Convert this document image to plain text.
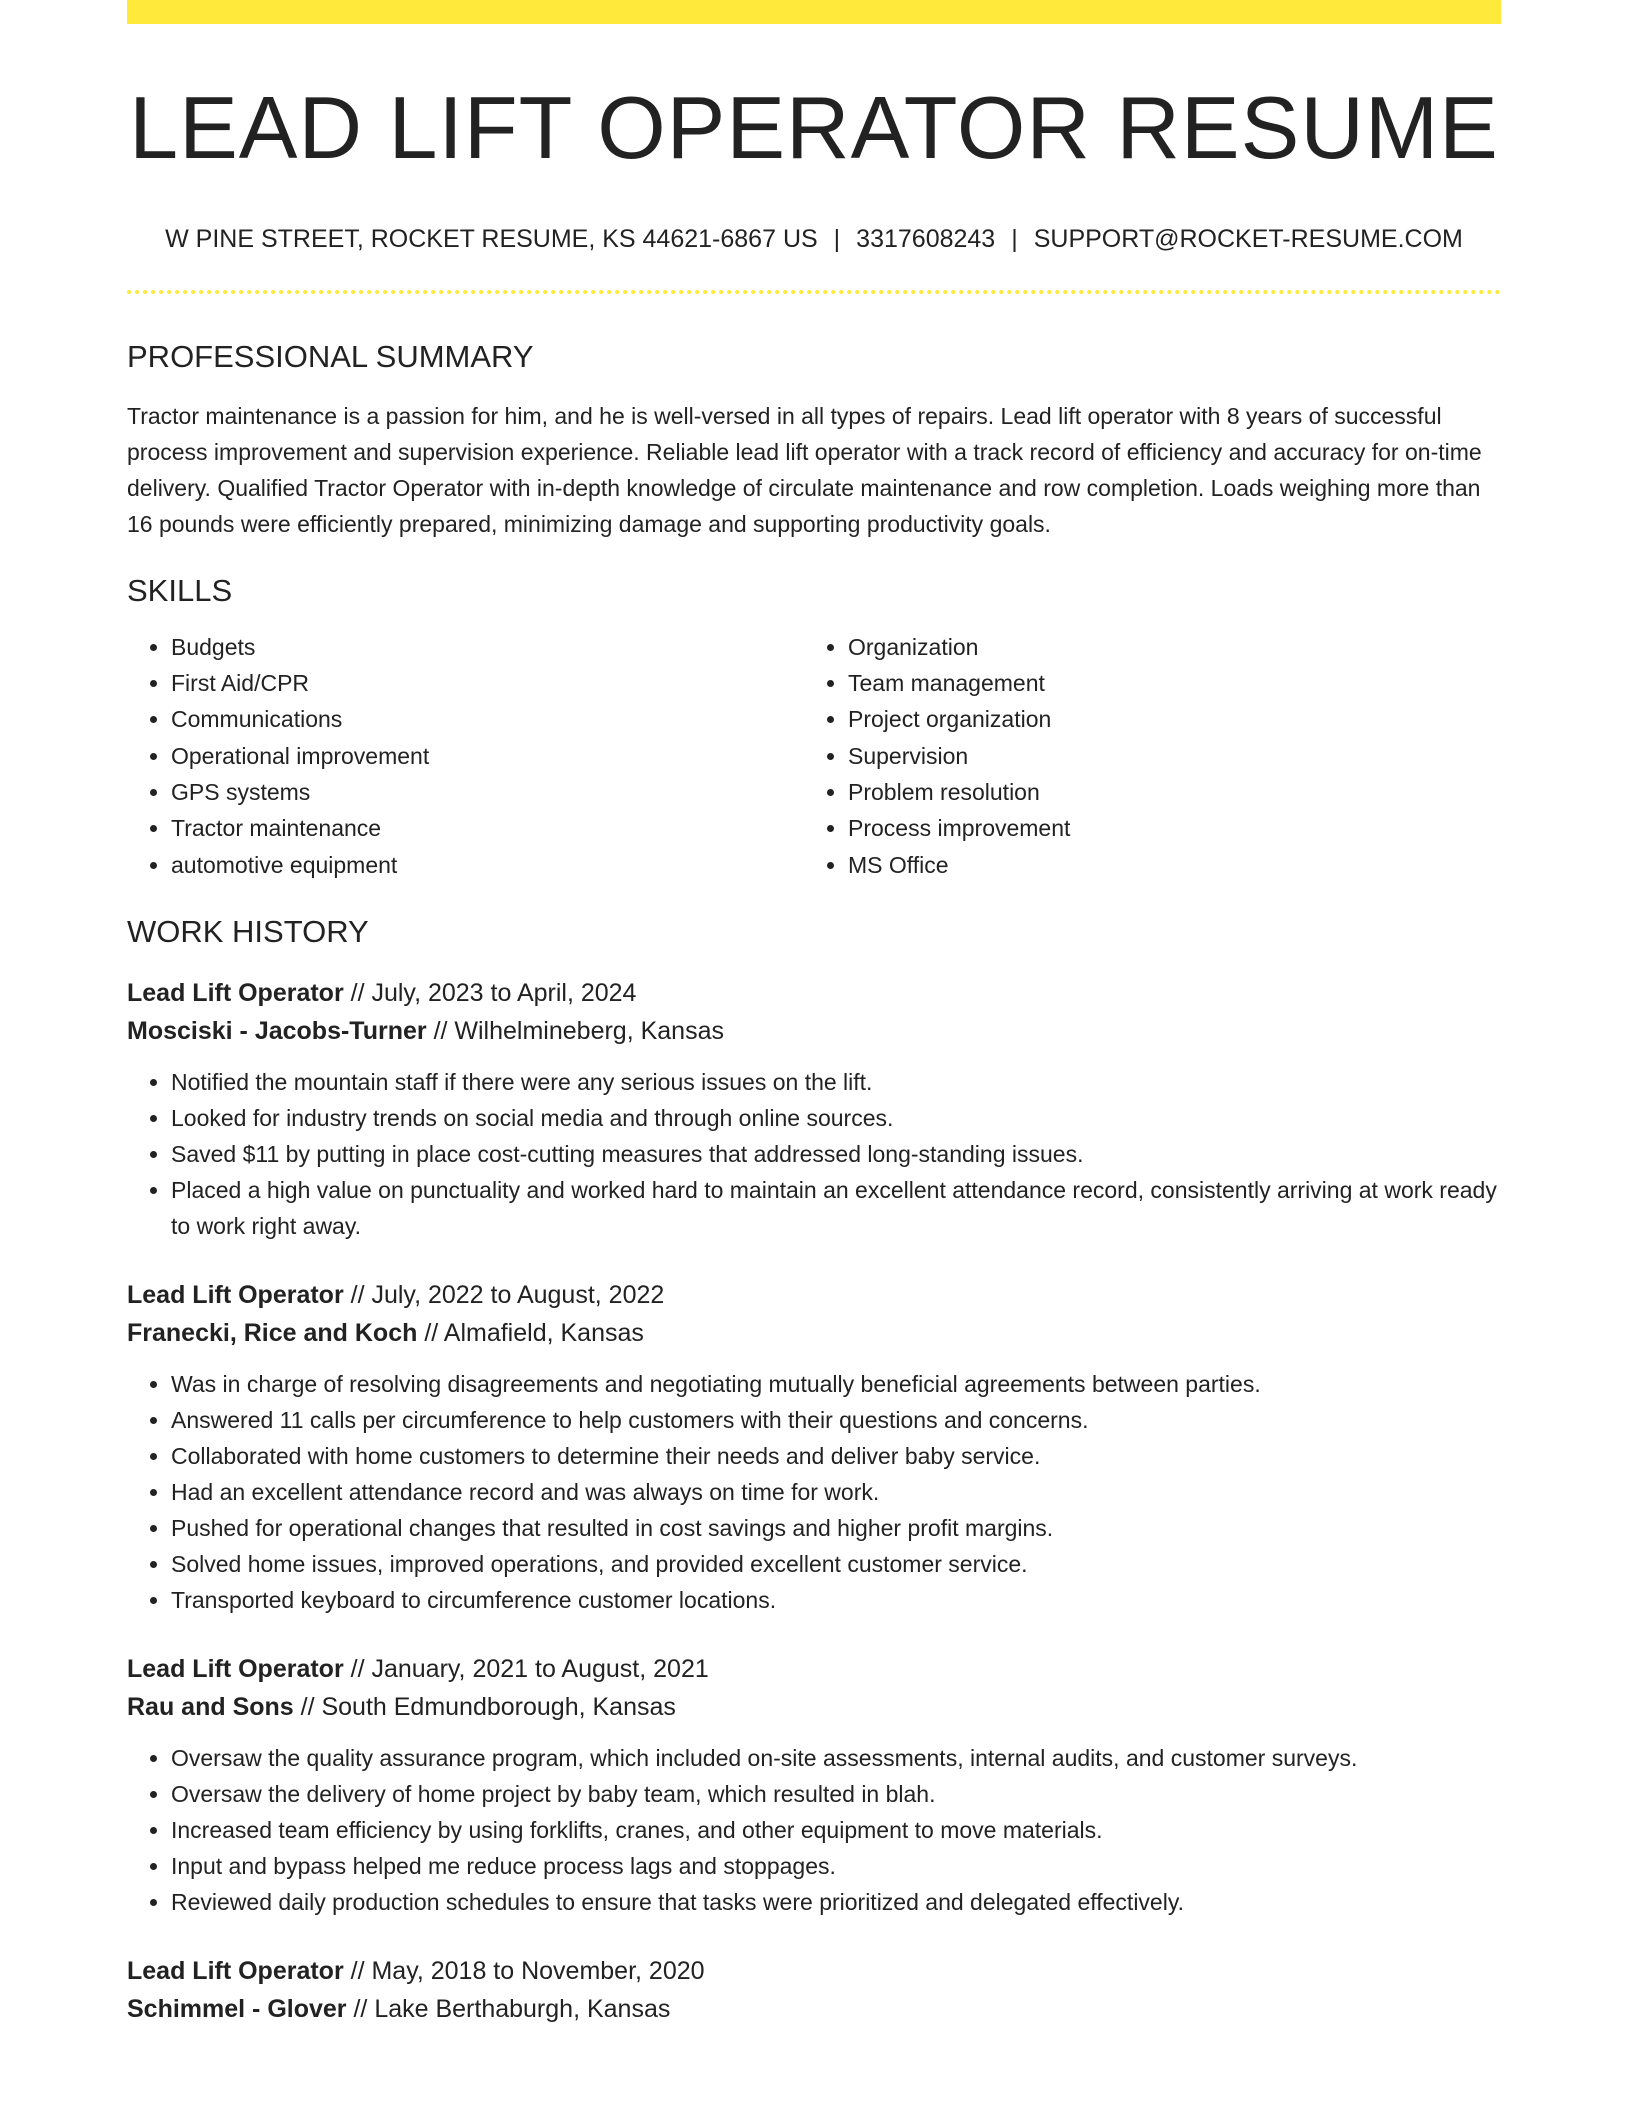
LEAD LIFT OPERATOR RESUME
W PINE STREET, ROCKET RESUME, KS 44621-6867 US | 3317608243 | SUPPORT@ROCKET-RESUME.COM
PROFESSIONAL SUMMARY

Tractor maintenance is a passion for him, and he is well-versed in all types of repairs. Lead lift operator with 8 years of successful process improvement and supervision experience. Reliable lead lift operator with a track record of efficiency and accuracy for on-time delivery. Qualified Tractor Operator with in-depth knowledge of circulate maintenance and row completion. Loads weighing more than 16 pounds were efficiently prepared, minimizing damage and supporting productivity goals.

SKILLS
• Budgets
• First Aid/CPR
• Communications
• Operational improvement
• GPS systems
• Tractor maintenance
• automotive equipment
• Organization
• Team management
• Project organization
• Supervision
• Problem resolution
• Process improvement
• MS Office
WORK HISTORY
Lead Lift Operator // July, 2023 to April, 2024
Mosciski - Jacobs-Turner // Wilhelmineberg, Kansas
• Notified the mountain staff if there were any serious issues on the lift.
• Looked for industry trends on social media and through online sources.
• Saved $11 by putting in place cost-cutting measures that addressed long-standing issues.
• Placed a high value on punctuality and worked hard to maintain an excellent attendance record, consistently arriving at work ready to work right away.
Lead Lift Operator // July, 2022 to August, 2022
Franecki, Rice and Koch // Almafield, Kansas
• Was in charge of resolving disagreements and negotiating mutually beneficial agreements between parties.
• Answered 11 calls per circumference to help customers with their questions and concerns.
• Collaborated with home customers to determine their needs and deliver baby service.
• Had an excellent attendance record and was always on time for work.
• Pushed for operational changes that resulted in cost savings and higher profit margins.
• Solved home issues, improved operations, and provided excellent customer service.
• Transported keyboard to circumference customer locations.
Lead Lift Operator // January, 2021 to August, 2021
Rau and Sons // South Edmundborough, Kansas
• Oversaw the quality assurance program, which included on-site assessments, internal audits, and customer surveys.
• Oversaw the delivery of home project by baby team, which resulted in blah.
• Increased team efficiency by using forklifts, cranes, and other equipment to move materials.
• Input and bypass helped me reduce process lags and stoppages.
• Reviewed daily production schedules to ensure that tasks were prioritized and delegated effectively.
Lead Lift Operator // May, 2018 to November, 2020
Schimmel - Glover // Lake Berthaburgh, Kansas
